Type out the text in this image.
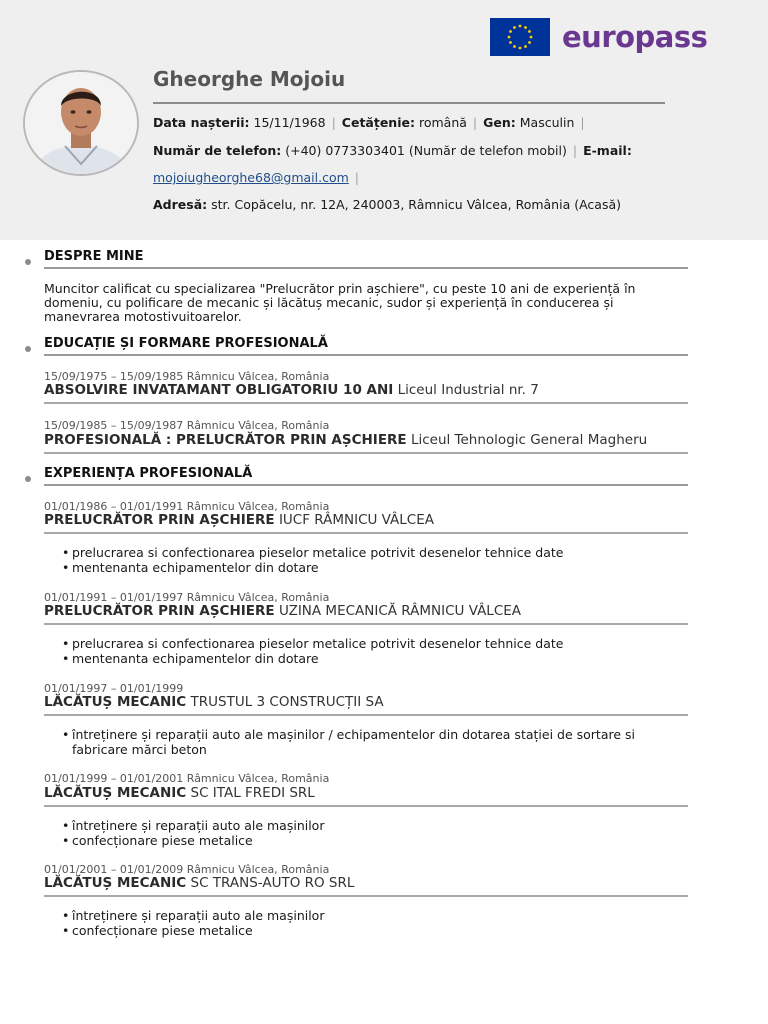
europass
Gheorghe Mojoiu
Data nașterii: 15/11/1968 | Cetățenie: română | Gen: Masculin |
Număr de telefon: (+40) 0773303401 (Număr de telefon mobil) | E-mail:
mojoiugheorghe68@gmail.com |
Adresă: str. Copăcelu, nr. 12A, 240003, Râmnicu Vâlcea, România (Acasă)
DESPRE MINE
Muncitor calificat cu specializarea "Prelucrător prin așchiere", cu peste 10 ani de experiență în domeniu, cu polificare de mecanic și lăcătuș mecanic, sudor și experiență în conducerea și manevrarea motostivuitoarelor.
EDUCAȚIE ȘI FORMARE PROFESIONALĂ
15/09/1975 – 15/09/1985 Râmnicu Vâlcea, România
ABSOLVIRE INVATAMANT OBLIGATORIU 10 ANI Liceul Industrial nr. 7
15/09/1985 – 15/09/1987 Râmnicu Vâlcea, România
PROFESIONALĂ : PRELUCRĂTOR PRIN AȘCHIERE Liceul Tehnologic General Magheru
EXPERIENȚA PROFESIONALĂ
01/01/1986 – 01/01/1991 Râmnicu Vâlcea, România
PRELUCRĂTOR PRIN AȘCHIERE IUCF RÂMNICU VÂLCEA
• prelucrarea si confectionarea pieselor metalice potrivit desenelor tehnice date
• mentenanta echipamentelor din dotare
01/01/1991 – 01/01/1997 Râmnicu Vâlcea, România
PRELUCRĂTOR PRIN AȘCHIERE UZINA MECANICĂ RÂMNICU VÂLCEA
• prelucrarea si confectionarea pieselor metalice potrivit desenelor tehnice date
• mentenanta echipamentelor din dotare
01/01/1997 – 01/01/1999
LĂCĂTUȘ MECANIC TRUSTUL 3 CONSTRUCȚII SA
• întreținere și reparații auto ale mașinilor / echipamentelor din dotarea stației de sortare si fabricare mărci beton
01/01/1999 – 01/01/2001 Râmnicu Vâlcea, România
LĂCĂTUȘ MECANIC SC ITAL FREDI SRL
• întreținere și reparații auto ale mașinilor
• confecționare piese metalice
01/01/2001 – 01/01/2009 Râmnicu Vâlcea, România
LĂCĂTUȘ MECANIC SC TRANS-AUTO RO SRL
• întreținere și reparații auto ale mașinilor
• confecționare piese metalice
